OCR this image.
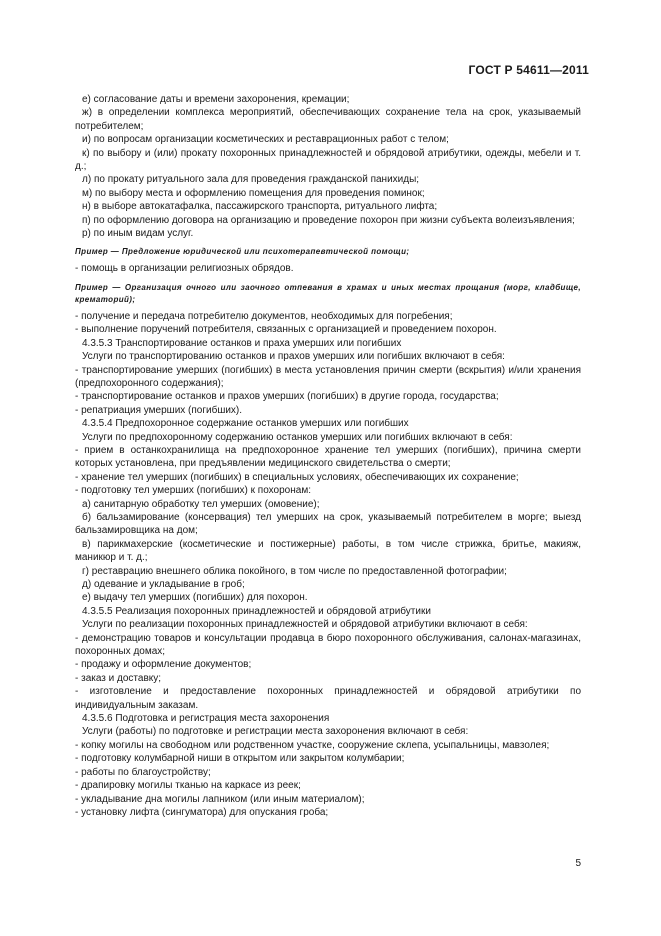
ГОСТ Р 54611—2011

е) согласование даты и времени захоронения, кремации;

ж) в определении комплекса мероприятий, обеспечивающих сохранение тела на срок, указываемый потребителем;

и) по вопросам организации косметических и реставрационных работ с телом;

к) по выбору и (или) прокату похоронных принадлежностей и обрядовой атрибутики, одежды, мебели и т. д.;

л) по прокату ритуального зала для проведения гражданской панихиды;

м) по выбору места и оформлению помещения для проведения поминок;

н) в выборе автокатафалка, пассажирского транспорта, ритуального лифта;

п) по оформлению договора на организацию и проведение похорон при жизни субъекта волеизъявления;

р) по иным видам услуг.

Пример — Предложение юридической или психотерапевтической помощи;

- помощь в организации религиозных обрядов.

Пример — Организация очного или заочного отпевания в храмах и иных местах прощания (морг, кладбище, крематорий);

- получение и передача потребителю документов, необходимых для погребения;

- выполнение поручений потребителя, связанных с организацией и проведением похорон.

4.3.5.3 Транспортирование останков и праха умерших или погибших

Услуги по транспортированию останков и прахов умерших или погибших включают в себя:

- транспортирование умерших (погибших) в места установления причин смерти (вскрытия) и/или хранения (предпохоронного содержания);

- транспортирование останков и прахов умерших (погибших) в другие города, государства;

- репатриация умерших (погибших).

4.3.5.4 Предпохоронное содержание останков умерших или погибших

Услуги по предпохоронному содержанию останков умерших или погибших включают в себя:

- прием в останкохранилища на предпохоронное хранение тел умерших (погибших), причина смерти которых установлена, при предъявлении медицинского свидетельства о смерти;

- хранение тел умерших (погибших) в специальных условиях, обеспечивающих их сохранение;

- подготовку тел умерших (погибших) к похоронам:

а) санитарную обработку тел умерших (омовение);

б) бальзамирование (консервация) тел умерших на срок, указываемый потребителем в морге; выезд бальзамировщика на дом;

в) парикмахерские (косметические и постижерные) работы, в том числе стрижка, бритье, макияж, маникюр и т. д.;

г) реставрацию внешнего облика покойного, в том числе по предоставленной фотографии;

д) одевание и укладывание в гроб;

е) выдачу тел умерших (погибших) для похорон.

4.3.5.5 Реализация похоронных принадлежностей и обрядовой атрибутики

Услуги по реализации похоронных принадлежностей и обрядовой атрибутики включают в себя:

- демонстрацию товаров и консультации продавца в бюро похоронного обслуживания, салонах-магазинах, похоронных домах;

- продажу и оформление документов;

- заказ и доставку;

- изготовление и предоставление похоронных принадлежностей и обрядовой атрибутики по индивидуальным заказам.

4.3.5.6 Подготовка и регистрация места захоронения

Услуги (работы) по подготовке и регистрации места захоронения включают в себя:

- копку могилы на свободном или родственном участке, сооружение склепа, усыпальницы, мавзолея;

- подготовку колумбарной ниши в открытом или закрытом колумбарии;

- работы по благоустройству;

- драпировку могилы тканью на каркасе из реек;

- укладывание дна могилы лапником (или иным материалом);

- установку лифта (сингуматора) для опускания гроба;

5
